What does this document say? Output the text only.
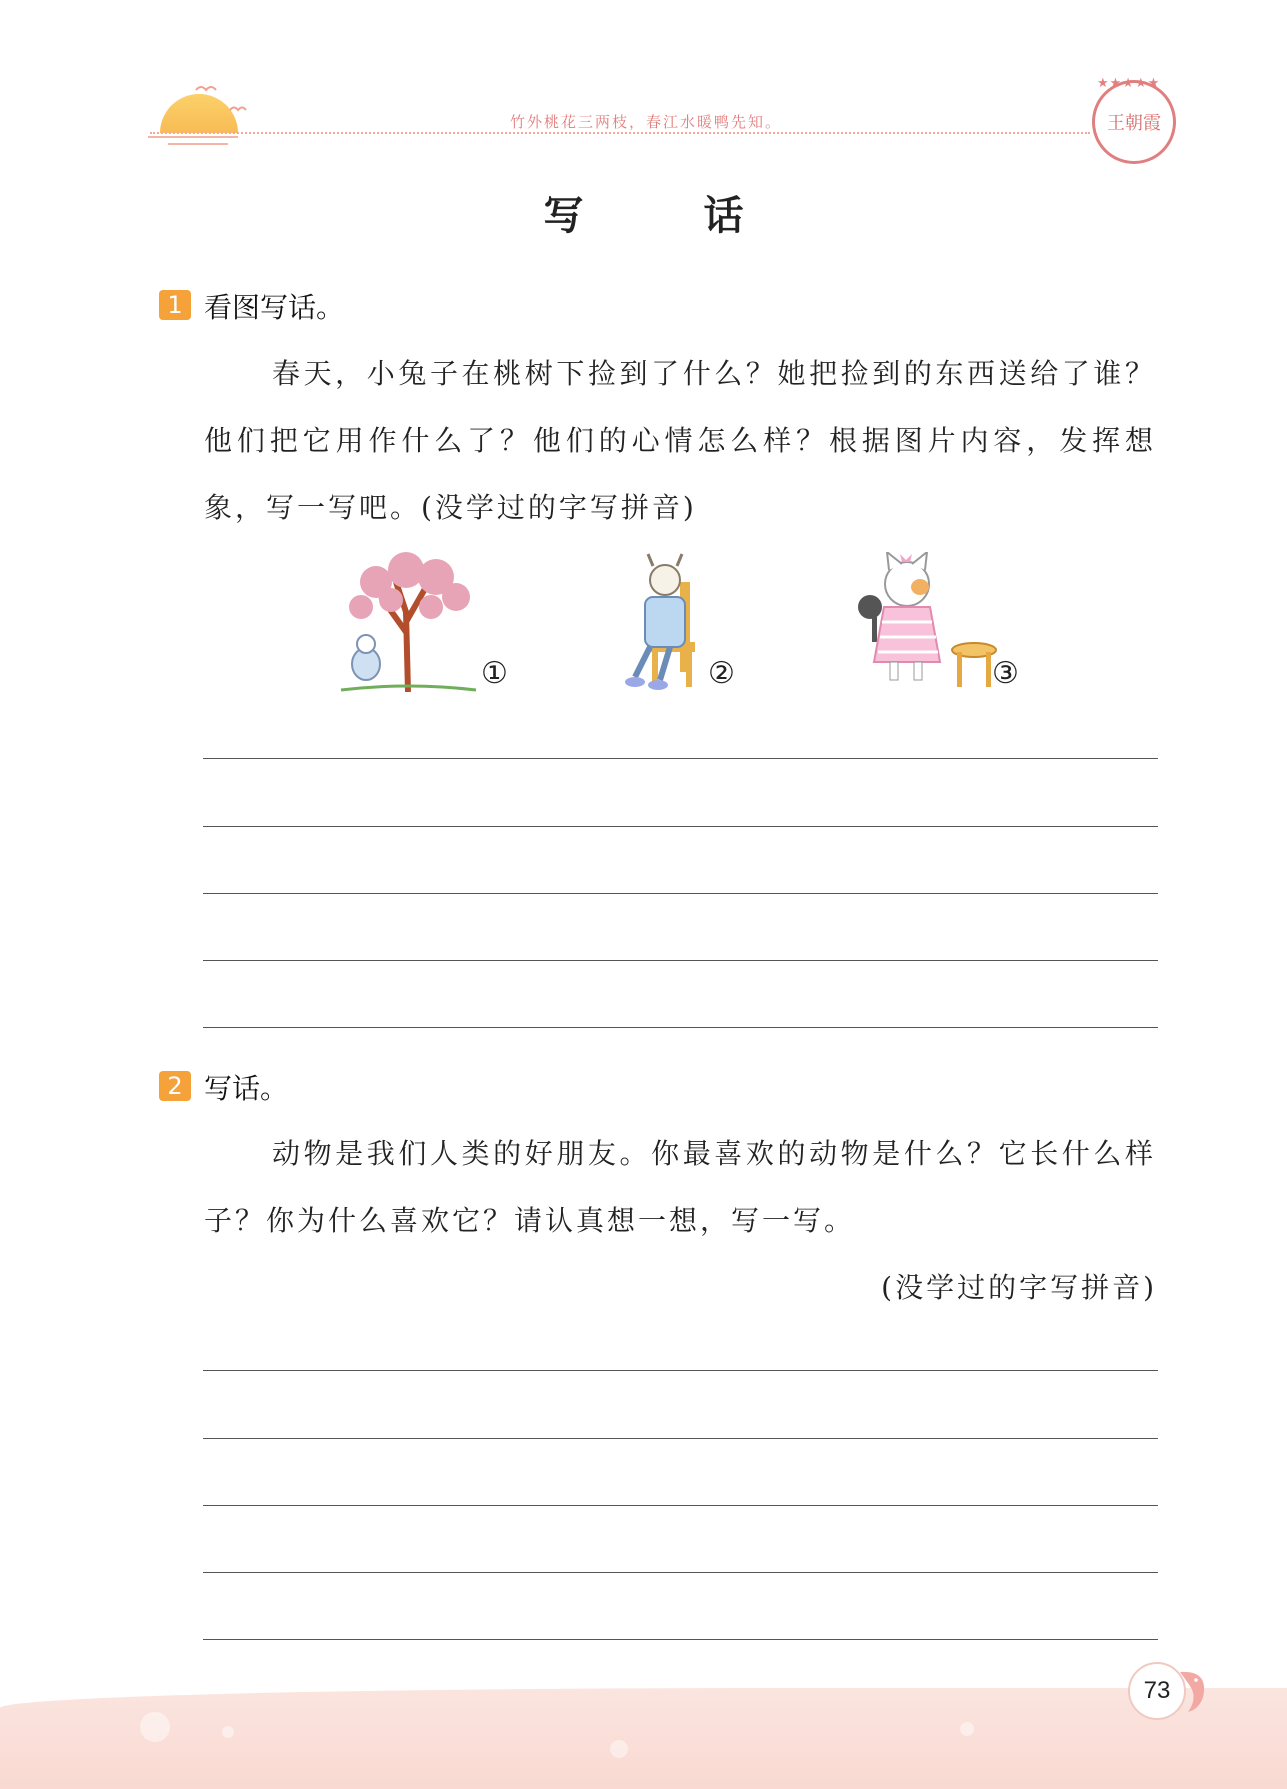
竹外桃花三两枝，春江水暖鸭先知。
★★★★★
王朝霞
写　话
1 看图写话。
春天，小兔子在桃树下捡到了什么？她把捡到的东西送给了谁？他们把它用作什么了？他们的心情怎么样？根据图片内容，发挥想象，写一写吧。(没学过的字写拼音)
①	②	③
2 写话。
动物是我们人类的好朋友。你最喜欢的动物是什么？它长什么样子？你为什么喜欢它？请认真想一想，写一写。
(没学过的字写拼音)
73
